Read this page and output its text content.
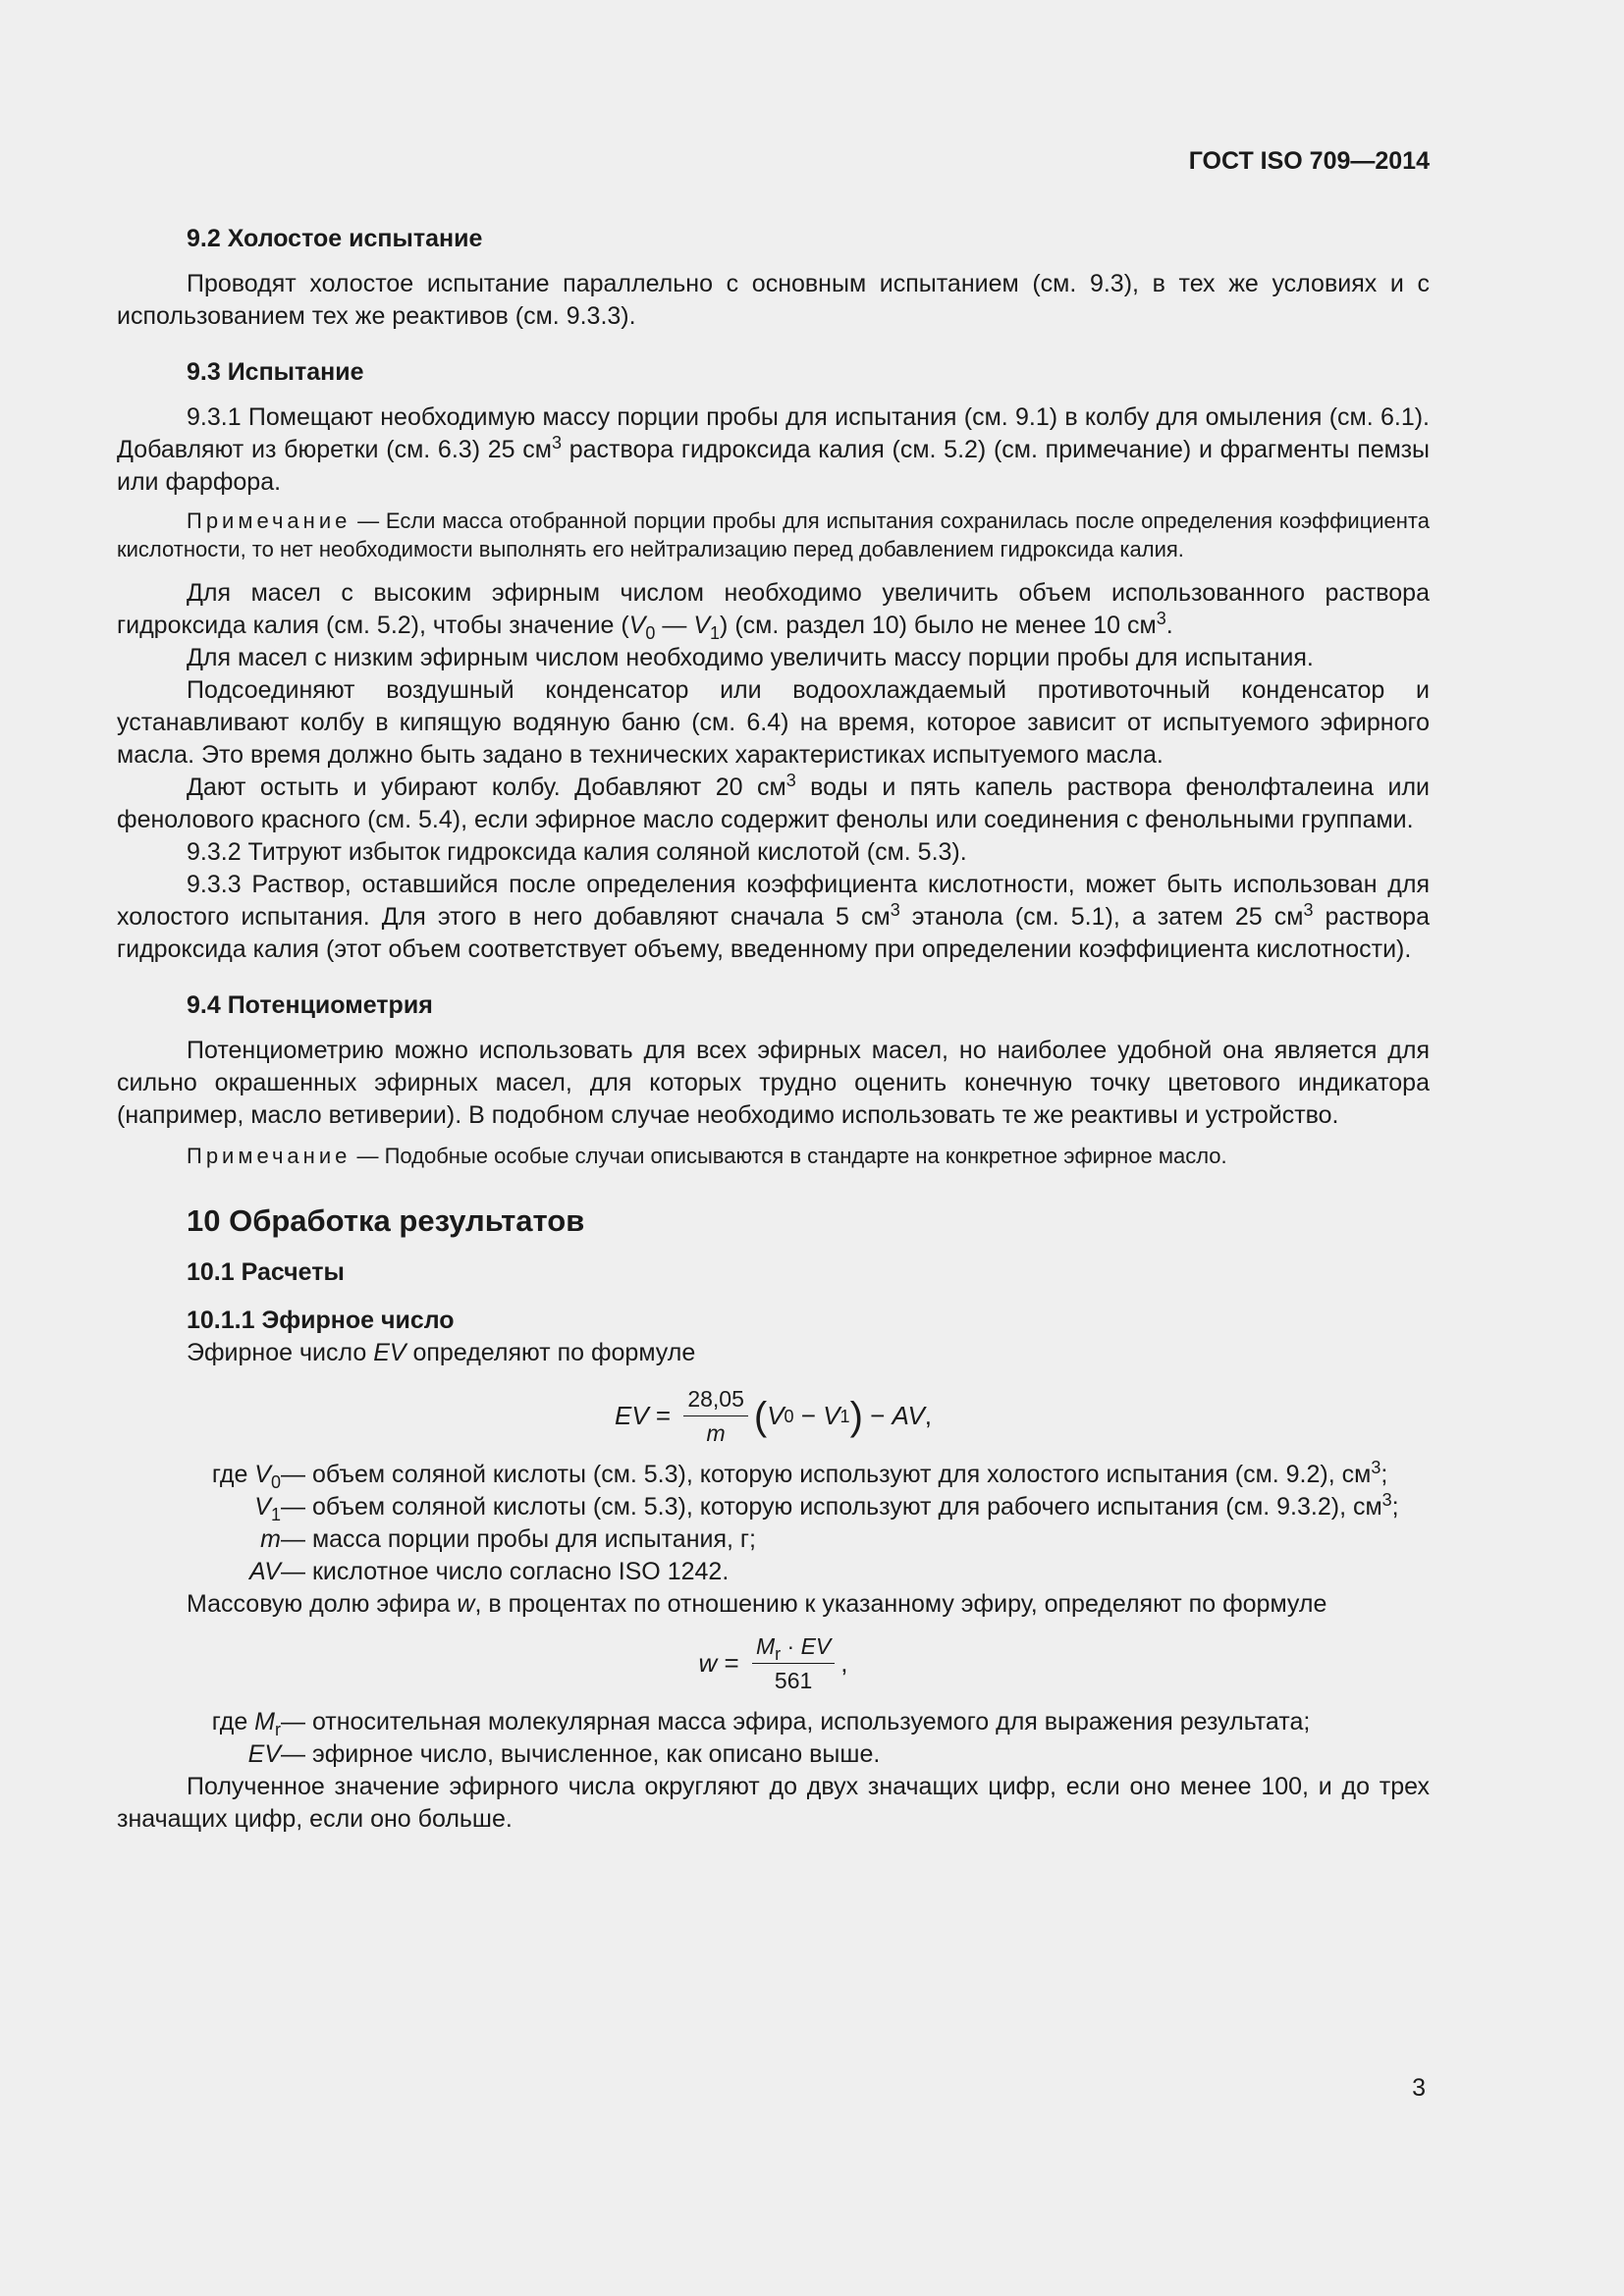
ГОСТ ISO 709—2014
9.2 Холостое испытание

Проводят холостое испытание параллельно с основным испытанием (см. 9.3), в тех же условиях и с использованием тех же реактивов (см. 9.3.3).

9.3 Испытание

9.3.1 Помещают необходимую массу порции пробы для испытания (см. 9.1) в колбу для омыления (см. 6.1). Добавляют из бюретки (см. 6.3) 25 $см^3$ раствора гидроксида калия (см. 5.2) (см. примечание) и фрагменты пемзы или фарфора.

Примечание — Если масса отобранной порции пробы для испытания сохранилась после определения коэффициента кислотности, то нет необходимости выполнять его нейтрализацию перед добавлением гидроксида калия.

Для масел с высоким эфирным числом необходимо увеличить объем использованного раствора гидроксида калия (см. 5.2), чтобы значение ($V_0$ — $V_1$) (см. раздел 10) было не менее 10 $см^3$.

Для масел с низким эфирным числом необходимо увеличить массу порции пробы для испытания.

Подсоединяют воздушный конденсатор или водоохлаждаемый противоточный конденсатор и устанавливают колбу в кипящую водяную баню (см. 6.4) на время, которое зависит от испытуемого эфирного масла. Это время должно быть задано в технических характеристиках испытуемого масла.

Дают остыть и убирают колбу. Добавляют 20 $см^3$ воды и пять капель раствора фенолфталеина или фенолового красного (см. 5.4), если эфирное масло содержит фенолы или соединения с фенольными группами.

9.3.2 Титруют избыток гидроксида калия соляной кислотой (см. 5.3).

9.3.3 Раствор, оставшийся после определения коэффициента кислотности, может быть использован для холостого испытания. Для этого в него добавляют сначала 5 $см^3$ этанола (см. 5.1), а затем 25 $см^3$ раствора гидроксида калия (этот объем соответствует объему, введенному при определении коэффициента кислотности).

9.4 Потенциометрия

Потенциометрию можно использовать для всех эфирных масел, но наиболее удобной она является для сильно окрашенных эфирных масел, для которых трудно оценить конечную точку цветового индикатора (например, масло ветиверии). В подобном случае необходимо использовать те же реактивы и устройство.

Примечание — Подобные особые случаи описываются в стандарте на конкретное эфирное масло.

10 Обработка результатов
10.1 Расчеты
10.1.1 Эфирное число

Эфирное число EV определяют по формуле

EV = $\frac{28,05}{m}$ ( V 0 − V 1 ) − AV ,
где $V_0$ — объем соляной кислоты (см. 5.3), которую используют для холостого испытания (см. 9.2), $см^3$;
$V_1$ — объем соляной кислоты (см. 5.3), которую используют для рабочего испытания (см. 9.3.2), $см^3$;
m — масса порции пробы для испытания, г;
AV — кислотное число согласно ISO 1242.

Массовую долю эфира w, в процентах по отношению к указанному эфиру, определяют по формуле

$w = \frac{M_r \cdot EV}{561}$ ,
где $M_r$ — относительная молекулярная масса эфира, используемого для выражения результата;
EV — эфирное число, вычисленное, как описано выше.

Полученное значение эфирного числа округляют до двух значащих цифр, если оно менее 100, и до трех значащих цифр, если оно больше.

3
